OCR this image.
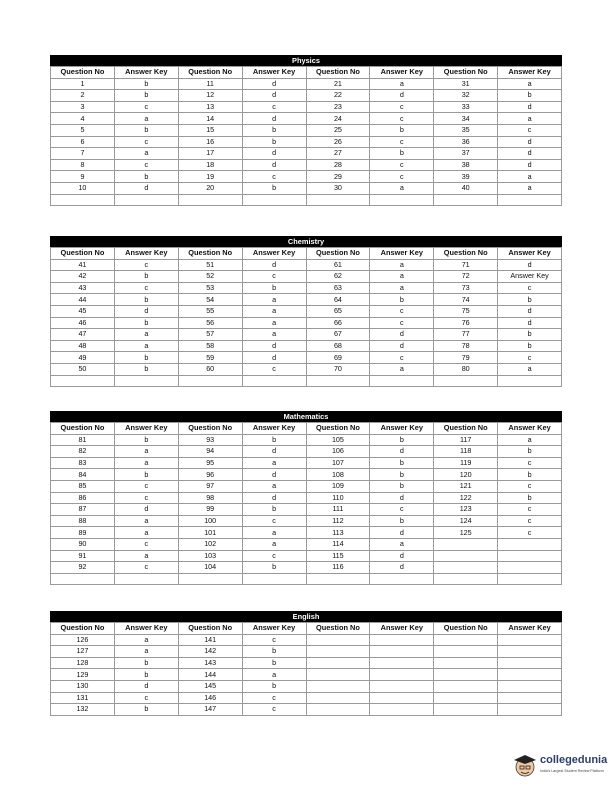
Physics
Question No	Answer Key	Question No	Answer Key	Question No	Answer Key	Question No	Answer Key
1	b	11	d	21	a	31	a
2	b	12	d	22	d	32	b
3	c	13	c	23	c	33	d
4	a	14	d	24	c	34	a
5	b	15	b	25	b	35	c
6	c	16	b	26	c	36	d
7	a	17	d	27	b	37	d
8	c	18	d	28	c	38	d
9	b	19	c	29	c	39	a
10	d	20	b	30	a	40	a

Chemistry
Question No	Answer Key	Question No	Answer Key	Question No	Answer Key	Question No	Answer Key
41	c	51	d	61	a	71	d
42	b	52	c	62	a	72	Answer Key
43	c	53	b	63	a	73	c
44	b	54	a	64	b	74	b
45	d	55	a	65	c	75	d
46	b	56	a	66	c	76	d
47	a	57	a	67	d	77	b
48	a	58	d	68	d	78	b
49	b	59	d	69	c	79	c
50	b	60	c	70	a	80	a

Mathematics
Question No	Answer Key	Question No	Answer Key	Question No	Answer Key	Question No	Answer Key
81	b	93	b	105	b	117	a
82	a	94	d	106	d	118	b
83	a	95	a	107	b	119	c
84	b	96	d	108	b	120	b
85	c	97	a	109	b	121	c
86	c	98	d	110	d	122	b
87	d	99	b	111	c	123	c
88	a	100	c	112	b	124	c
89	a	101	a	113	d	125	c
90	c	102	a	114	a		
91	a	103	c	115	d		
92	c	104	b	116	d		

English
Question No	Answer Key	Question No	Answer Key	Question No	Answer Key	Question No	Answer Key
126	a	141	c				
127	a	142	b				
128	b	143	b				
129	b	144	a				
130	d	145	b				
131	c	146	c				
132	b	147	c				
collegedunia
India's Largest Student Review Platform
